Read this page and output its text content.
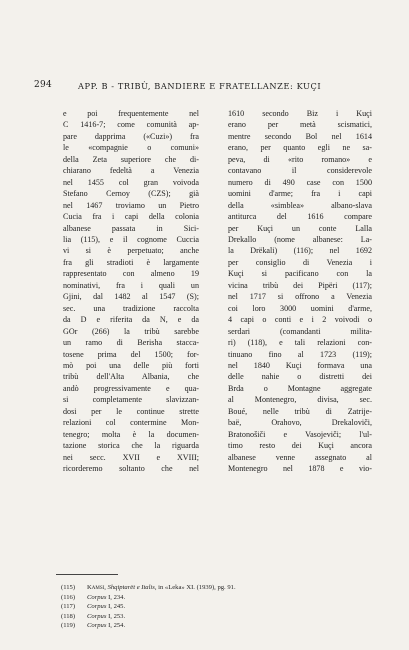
294	APP. B - TRIBÙ, BANDIERE E FRATELLANZE: KUÇI
e poi frequentemente nel
C 1416-7; come comunità ap-
pare dapprima («Cuzi») fra
le «compagnie o comuni»
della Zeta superiore che di-
chiarano fedeltà a Venezia
nel 1455 col gran voivoda
Stefano Cernoy (CZS); già
nel 1467 troviamo un Pietro
Cucia fra i capi della colonia
albanese passata in Sici-
lia (115), e il cognome Cuccia
vi si è perpetuato; anche
fra gli stradioti è largamente
rappresentato con almeno 19
nominativi, fra i quali un
Gjini, dal 1482 al 1547 (S);
sec. una tradizione raccolta
da D e riferita da N, e da
GOr (266) la tribù sarebbe
un ramo di Berisha stacca-
tosene prima del 1500; for-
mò poi una delle più forti
tribù dell'Alta Albania, che
andò progressivamente e qua-
si completamente slavizzan-
dosi per le continue strette
relazioni col contermine Mon-
tenegro; molta è la documen-
tazione storica che la riguarda
nei secc. XVII e XVIII;
ricorderemo soltanto che nel
1610 secondo Biz i Kuçi
erano per metà scismatici,
mentre secondo Bol nel 1614
erano, per quanto egli ne sa-
peva, di «rito romano» e
contavano il considerevole
numero di 490 case con 1500
uomini d'arme; fra i capi
della «simblea» albano-slava
antiturca del 1616 compare
per Kuçi un conte Lalla
Drekallo (nome albanese: La-
la Drëkali) (116); nel 1692
per consiglio di Venezia i
Kuçi si pacificano con la
vicina tribù dei Pipëri (117);
nel 1717 si offrono a Venezia
coi loro 3000 uomini d'arme,
4 capi o conti e i 2 voivodi o
serdari (comandanti milita-
ri) (118), e tali relazioni con-
tinuano fino al 1723 (119);
nel 1840 Kuçi formava una
delle nahie o distretti dei
Brda o Montagne aggregate
al Montenegro, divisa, sec.
Boué, nelle tribù di Zatrije-
baë, Orahovo, Drekaloviči,
Bratonošiči e Vasojeviči; l'ul-
timo resto dei Kuçi ancora
albanese venne assegnato al
Montenegro nel 1878 e vio-
(115) Kamsi, Shqiptarët e Italis, in «Leka» XI. (1939), pg. 91.
(116) Corpus I, 234.
(117) Corpus I, 245.
(118) Corpus I, 253.
(119) Corpus I, 254.
